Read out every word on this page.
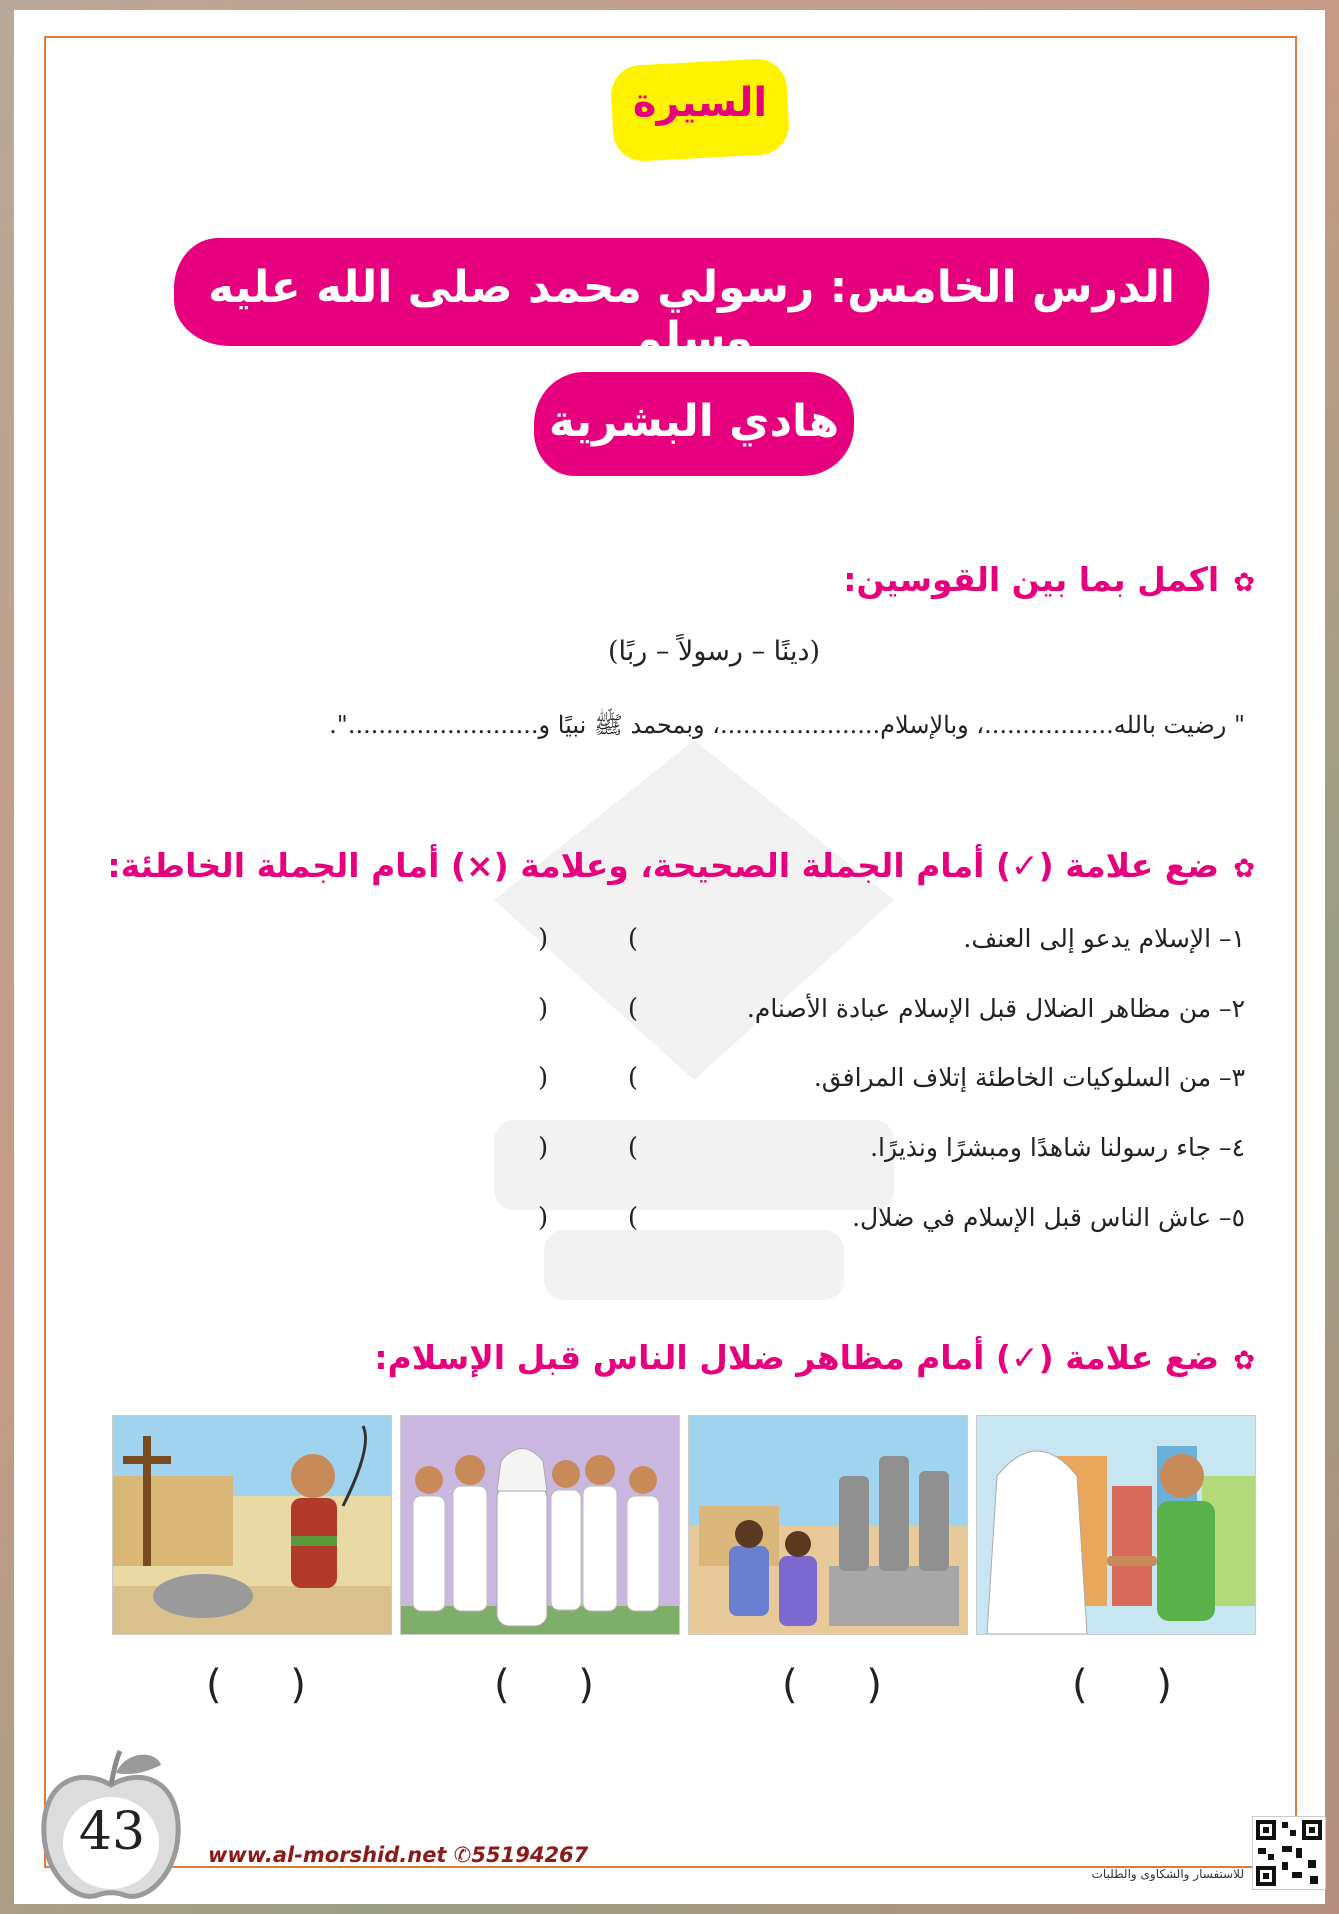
السيرة
الدرس الخامس: رسولي محمد صلى الله عليه وسلم
هادي البشرية
✿اكمل بما بين القوسين:
(دينًا – رسولاً – ربًا)
" رضيت بالله.................، وبالإسلام.....................، وبمحمد ﷺ نبيًا و.........................".
✿ضع علامة (✓) أمام الجملة الصحيحة، وعلامة (×) أمام الجملة الخاطئة:
١– الإسلام يدعو إلى العنف.
)	(
٢– من مظاهر الضلال قبل الإسلام عبادة الأصنام.
)	(
٣– من السلوكيات الخاطئة إتلاف المرافق.
)	(
٤– جاء رسولنا شاهدًا ومبشرًا ونذيرًا.
)	(
٥– عاش الناس قبل الإسلام في ضلال.
)	(
✿ضع علامة (✓) أمام مظاهر ضلال الناس قبل الإسلام:
( )	( )	( )	( )
43	www.al-morshid.net ✆55194267
للاستفسار والشكاوى والطلبات
